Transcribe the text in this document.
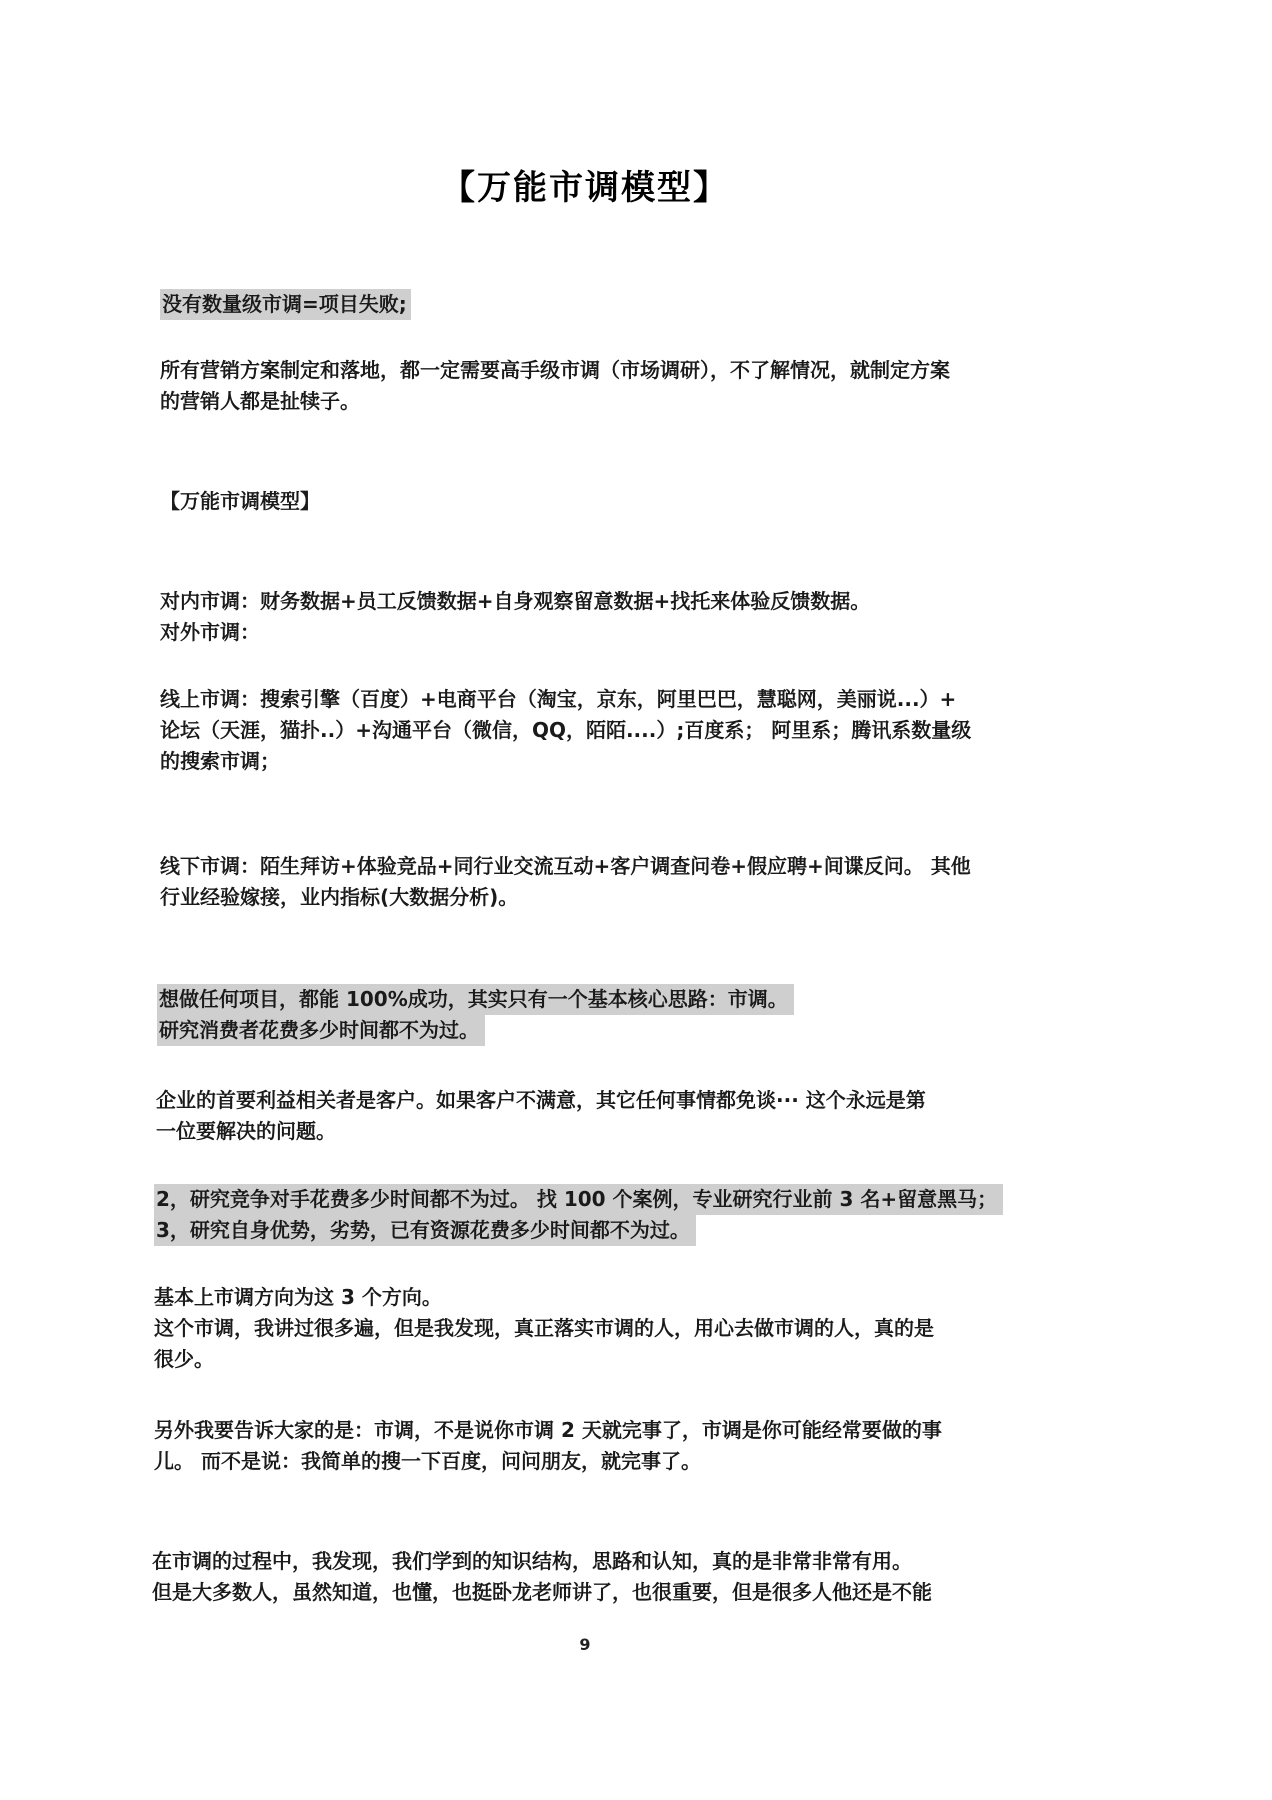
【万能市调模型】
没有数量级市调=项目失败;
所有营销方案制定和落地，都一定需要高手级市调（市场调研），不了解情况，就制定方案
的营销人都是扯犊子。
【万能市调模型】
对内市调：财务数据+员工反馈数据+自身观察留意数据+找托来体验反馈数据。
对外市调：
线上市调：搜索引擎（百度）+电商平台（淘宝，京东，阿里巴巴，慧聪网，美丽说...）+
论坛（天涯，猫扑..）+沟通平台（微信，QQ，陌陌....）;百度系； 阿里系；腾讯系数量级
的搜索市调；
线下市调：陌生拜访+体验竞品+同行业交流互动+客户调查问卷+假应聘+间谍反问。 其他
行业经验嫁接，业内指标(大数据分析)。
想做任何项目，都能 100%成功，其实只有一个基本核心思路：市调。
研究消费者花费多少时间都不为过。
企业的首要利益相关者是客户。如果客户不满意，其它任何事情都免谈··· 这个永远是第
一位要解决的问题。
2，研究竞争对手花费多少时间都不为过。 找 100 个案例，专业研究行业前 3 名+留意黑马；
3，研究自身优势，劣势，已有资源花费多少时间都不为过。
基本上市调方向为这 3 个方向。
这个市调，我讲过很多遍，但是我发现，真正落实市调的人，用心去做市调的人，真的是
很少。
另外我要告诉大家的是：市调，不是说你市调 2 天就完事了，市调是你可能经常要做的事
儿。 而不是说：我简单的搜一下百度，问问朋友，就完事了。
在市调的过程中，我发现，我们学到的知识结构，思路和认知，真的是非常非常有用。
但是大多数人，虽然知道，也懂，也挺卧龙老师讲了，也很重要，但是很多人他还是不能
9
